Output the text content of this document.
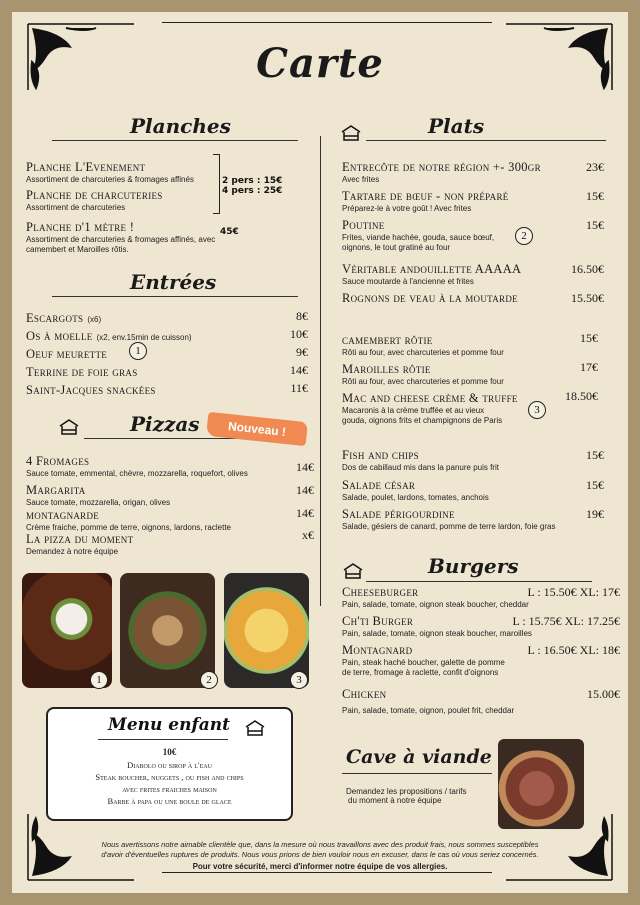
Carte
Planches
Planche L'Evenement
Assortiment de charcuteries & fromages affinés
Planche de charcuteries
Assortiment de charcuteries
2 pers : 15€
4 pers : 25€
Planche d'1 mètre !
Assortiment de charcuteries & fromages affinés, avec camembert et Maroilles rôtis.
45€
Entrées
Escargots (x6)	8€
Os à moelle (x2, env.15min de cuisson)	10€
Oeuf meurette	1	9€
Terrine de foie gras	14€
Saint-Jacques snackées	11€
Pizzas	Nouveau !
4 Fromages
Sauce tomate, emmental, chèvre, mozzarella, roquefort, olives	14€
Margarita
Sauce tomate, mozzarella, origan, olives
14€
montagnarde
Crème fraiche, pomme de terre, oignons, lardons, raclette
14€
La pizza du moment
Demandez à notre équipe
x€
1	2	3
Menu enfant
10€
Diabolo ou sirop à l'eau
Steak boucher, nuggets , ou fish and chips
avec frites fraiches maison
Barbe à papa ou une boule de glace
Plats
Entrecôte de notre région +- 300gr
Avec frites
23€
Tartare de bœuf - non préparé
Préparez-le à votre goût ! Avec frites
15€
Poutine
Frites, viande hachée, gouda, sauce bœuf,
oignons, le tout gratiné au four
2
15€
Véritable andouillette AAAAA
Sauce moutarde à l'ancienne et frites
16.50€
Rognons de veau à la moutarde	15.50€
camembert rôtie
Rôti au four, avec charcuteries et pomme four
15€
Maroilles rôtie
Rôti au four, avec charcuteries et pomme four
17€
Mac and cheese crème & truffe
Macaronis à la crème truffée et au vieux
gouda, oignons frits et champignons de Paris
3
18.50€
Fish and chips
Dos de cabillaud mis dans la panure puis frit
15€
Salade césar
Salade, poulet, lardons, tomates, anchois
15€
Salade périgourdine
Salade, gésiers de canard, pomme de terre lardon, foie gras
19€
Burgers
Cheeseburger
Pain, salade, tomate, oignon steak boucher, cheddar
L : 15.50€ XL: 17€
Ch'ti Burger
Pain, salade, tomate, oignon steak boucher, maroilles
L : 15.75€ XL: 17.25€
Montagnard
Pain, steak haché boucher, galette de pomme
de terre, fromage à raclette, confit d'oignons
L : 16.50€ XL: 18€
Chicken
Pain, salade, tomate, oignon, poulet frit, cheddar
15.00€
Cave à viande
Demandez les propositions / tarifs
du moment à notre équipe
Nous avertissons notre aimable clientèle que, dans la mesure où nous travaillons avec des produit frais, nous sommes susceptibles
d'avoir d'éventuelles ruptures de produits. Nous vous prions de bien vouloir nous en excuser, dans le cas où vous seriez concernés.
Pour votre sécurité, merci d'informer notre équipe de vos allergies.
